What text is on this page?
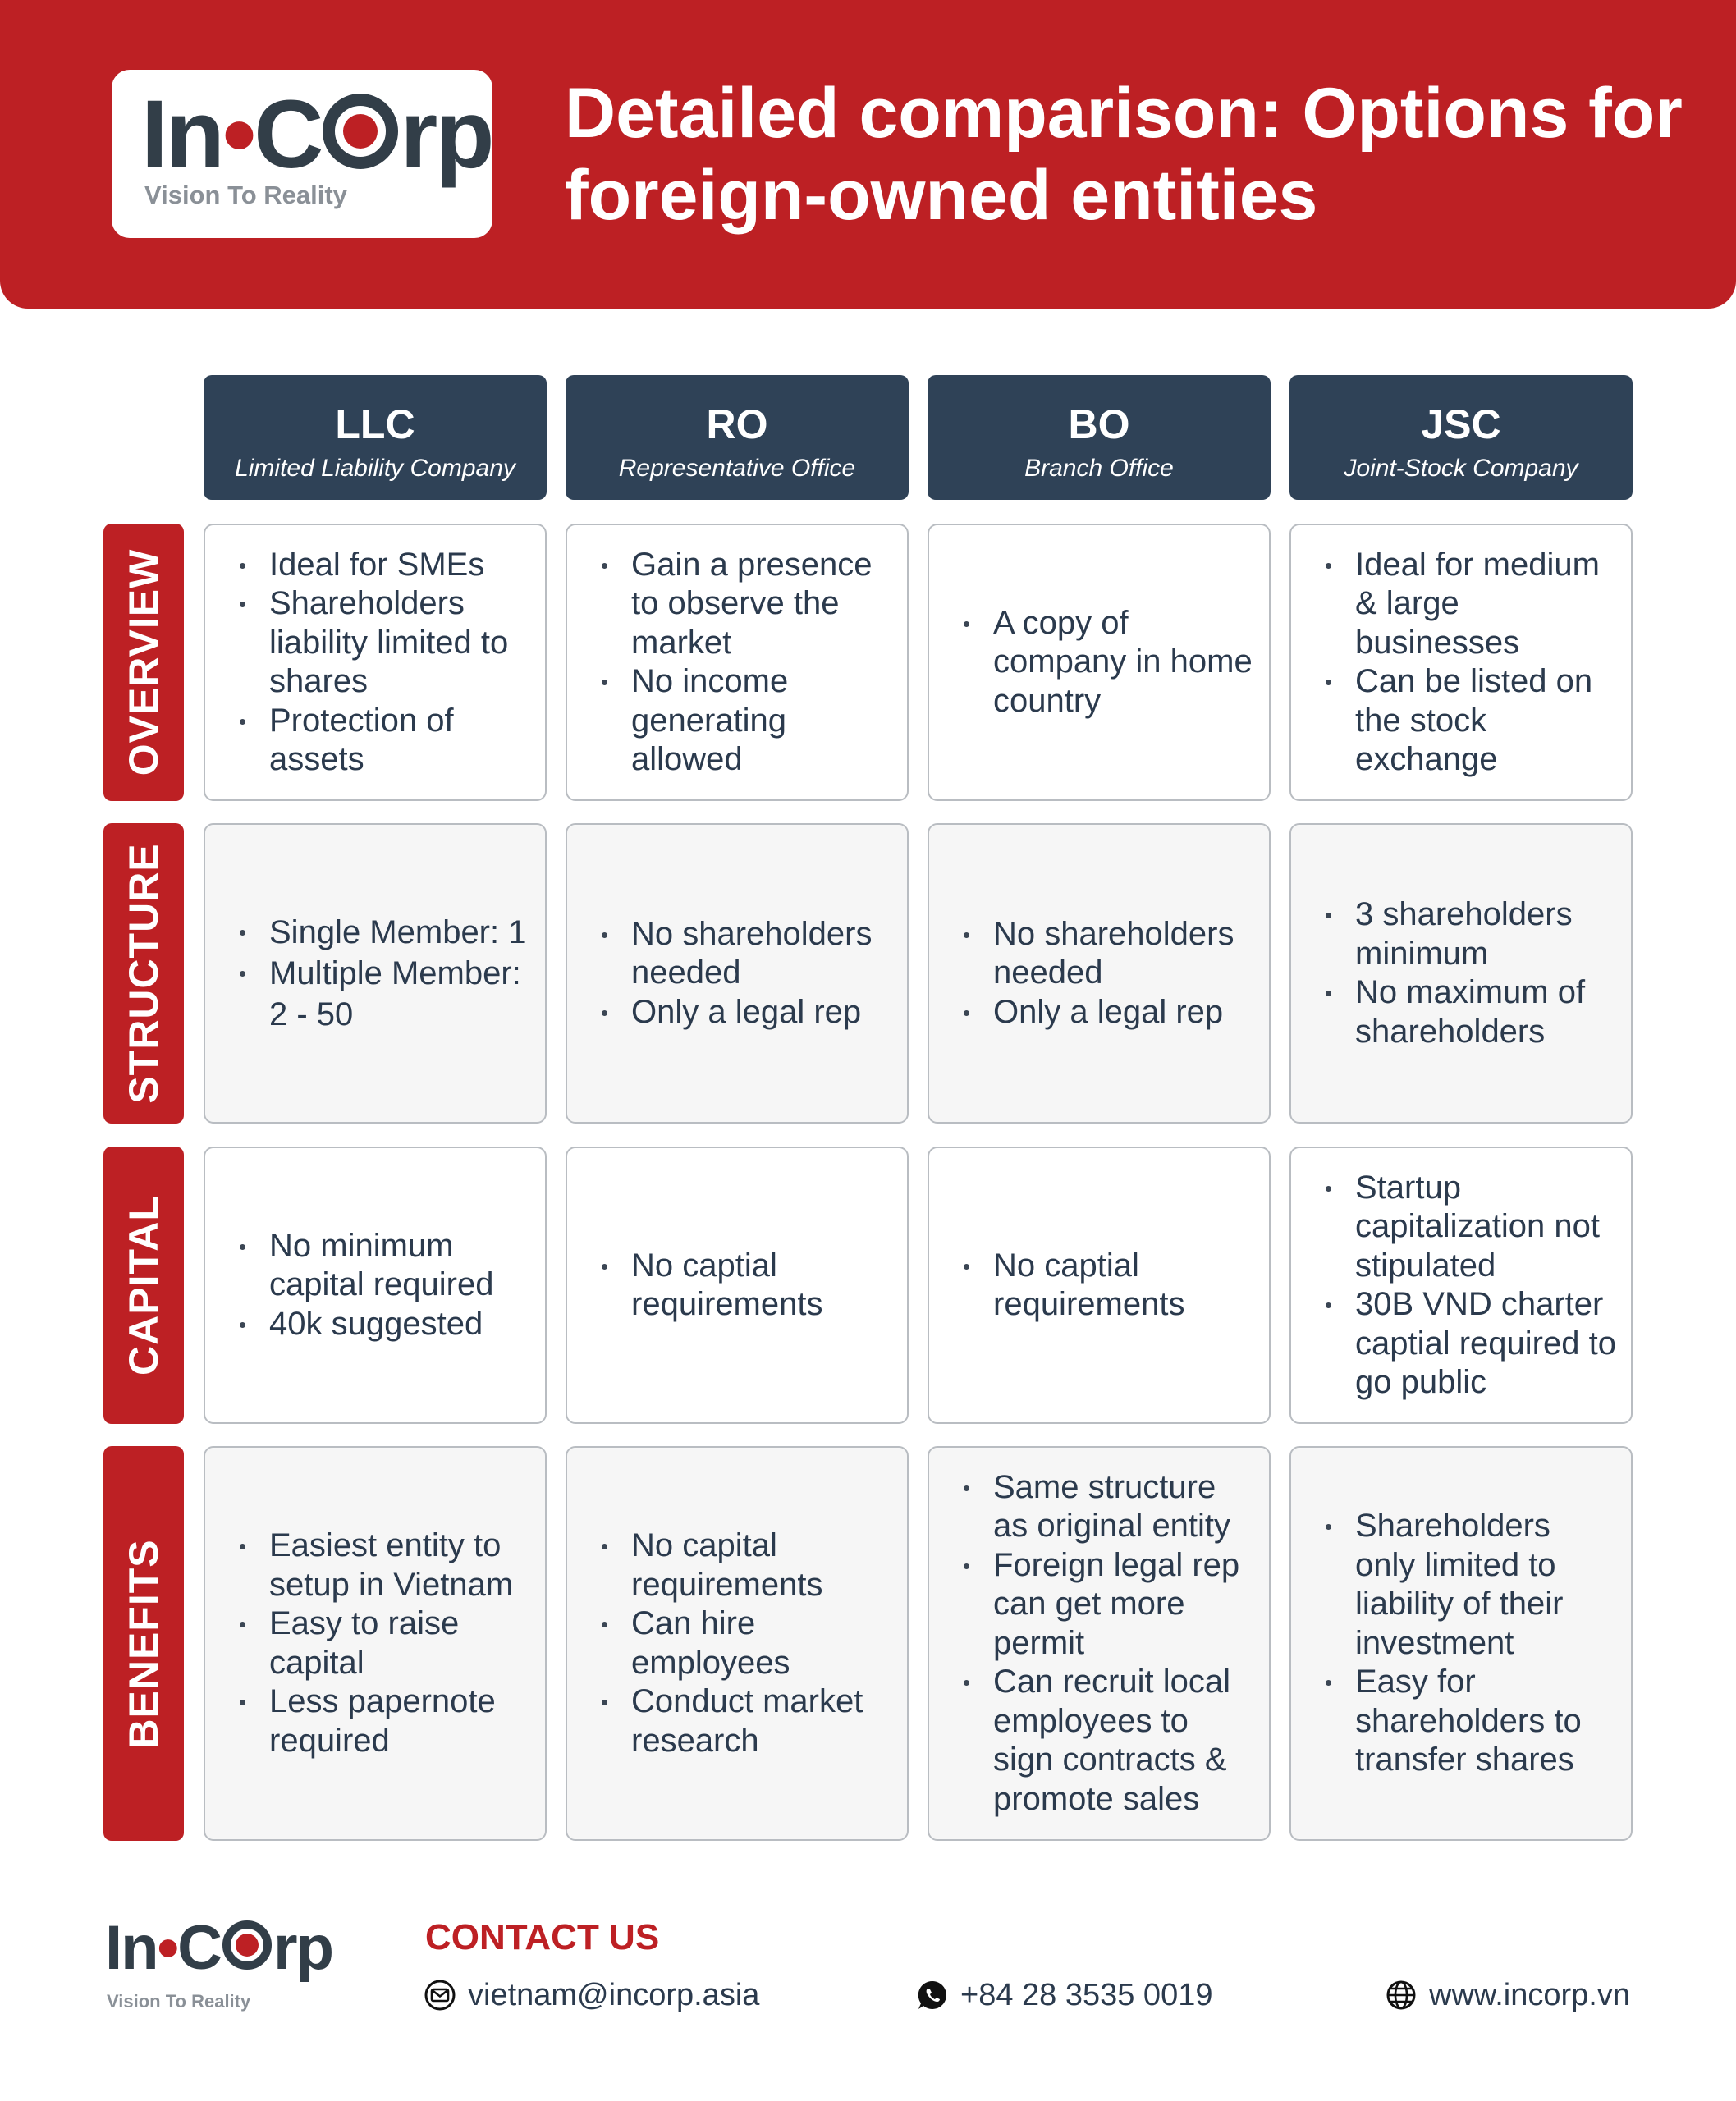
In•C rp
Vision To Reality
Detailed comparison: Options for
foreign-owned entities
LLC
Limited Liability Company
RO
Representative Office
BO
Branch Office
JSC
Joint-Stock Company
OVERVIEW
STRUCTURE
CAPITAL
BENEFITS
Ideal for SMEs
Shareholders liability limited to shares
Protection of assets
Gain a presence to observe the market
No income generating allowed
A copy of company in home country
Ideal for medium & large businesses
Can be listed on the stock exchange
Single Member: 1
Multiple Member: 2 - 50
No shareholders needed
Only a legal rep
No shareholders needed
Only a legal rep
3 shareholders minimum
No maximum of shareholders
No minimum capital required
40k suggested
No captial requirements
No captial requirements
Startup capitalization not stipulated
30B VND charter captial required to go public
Easiest entity to setup in Vietnam
Easy to raise capital
Less papernote required
No capital requirements
Can hire employees
Conduct market research
Same structure as original entity
Foreign legal rep can get more permit
Can recruit local employees to sign contracts & promote sales
Shareholders only limited to liability of their investment
Easy for shareholders to transfer shares
In•C rp
Vision To Reality
CONTACT US
vietnam@incorp.asia	+84 28 3535 0019	www.incorp.vn
